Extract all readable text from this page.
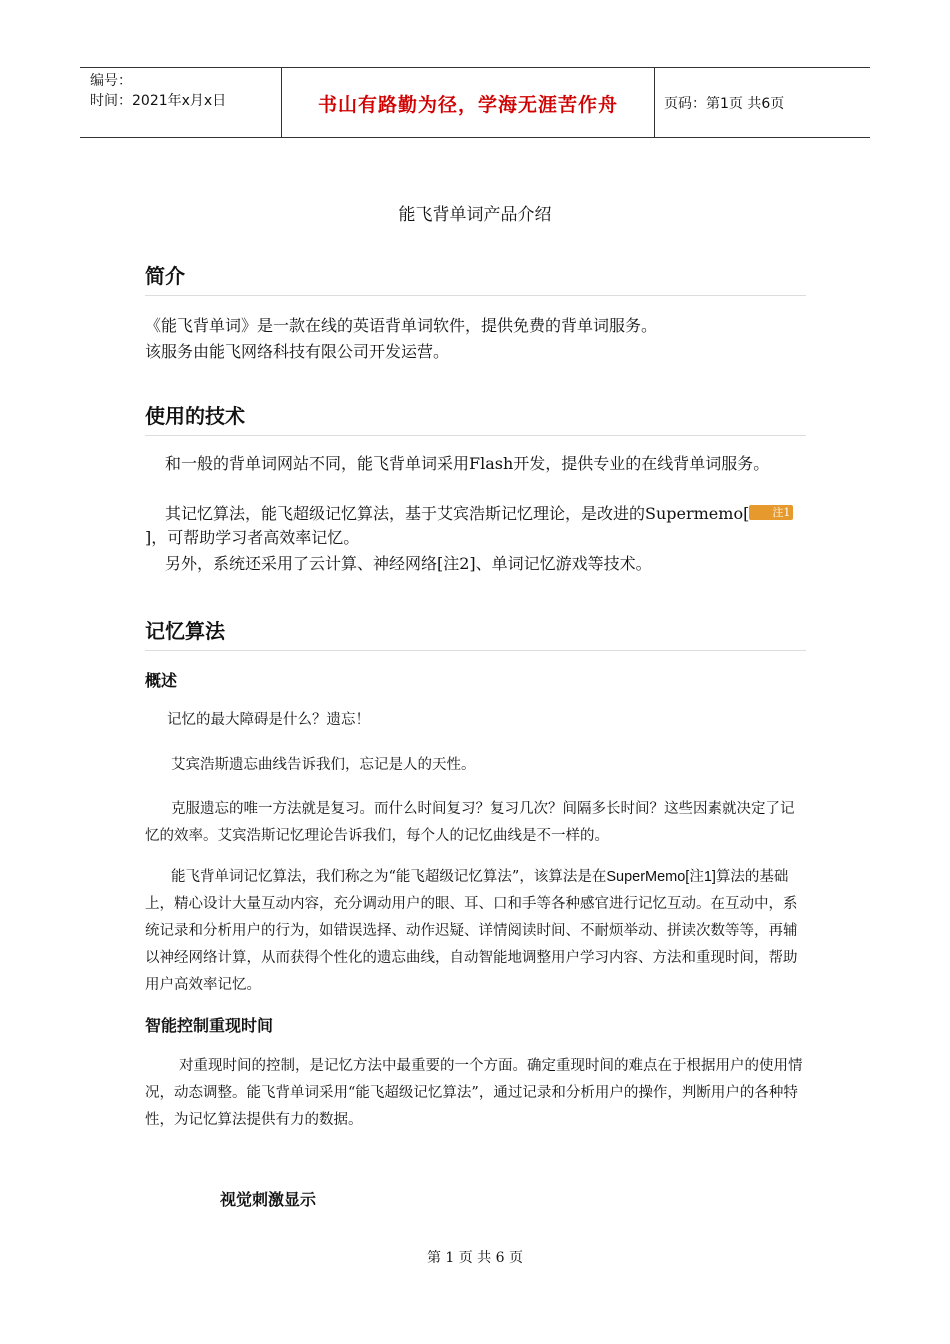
编号：
时间：2021年x月x日	书山有路勤为径，学海无涯苦作舟	页码：第1页 共6页
能飞背单词产品介绍
简介

《能飞背单词》是一款在线的英语背单词软件，提供免费的背单词服务。

该服务由能飞网络科技有限公司开发运营。

使用的技术

和一般的背单词网站不同，能飞背单词采用Flash开发，提供专业的在线背单词服务。

其记忆算法，能飞超级记忆算法，基于艾宾浩斯记忆理论，是改进的Supermemo[ 注1]，可帮助学习者高效率记忆。

另外，系统还采用了云计算、神经网络[注2]、单词记忆游戏等技术。

记忆算法
概述

记忆的最大障碍是什么？遗忘！

艾宾浩斯遗忘曲线告诉我们，忘记是人的天性。

克服遗忘的唯一方法就是复习。而什么时间复习？复习几次？间隔多长时间？这些因素就决定了记忆的效率。艾宾浩斯记忆理论告诉我们，每个人的记忆曲线是不一样的。

能飞背单词记忆算法，我们称之为“能飞超级记忆算法”，该算法是在SuperMemo[注1]算法的基础上，精心设计大量互动内容，充分调动用户的眼、耳、口和手等各种感官进行记忆互动。在互动中，系统记录和分析用户的行为，如错误选择、动作迟疑、详情阅读时间、不耐烦举动、拼读次数等等，再辅以神经网络计算，从而获得个性化的遗忘曲线，自动智能地调整用户学习内容、方法和重现时间，帮助用户高效率记忆。

智能控制重现时间

对重现时间的控制，是记忆方法中最重要的一个方面。确定重现时间的难点在于根据用户的使用情况，动态调整。能飞背单词采用“能飞超级记忆算法”，通过记录和分析用户的操作，判断用户的各种特性，为记忆算法提供有力的数据。

视觉刺激显示
第 1 页 共 6 页
